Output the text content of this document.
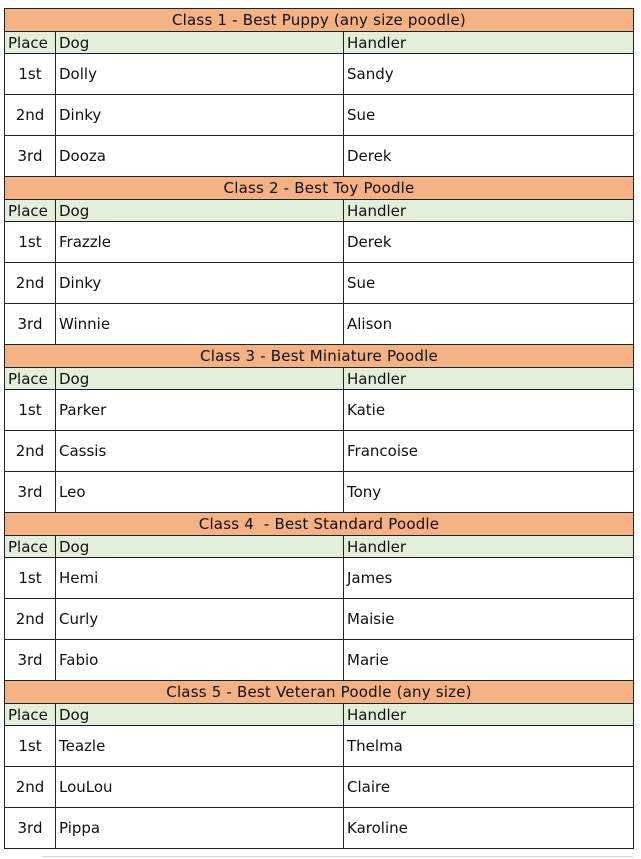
Class 1 - Best Puppy (any size poodle)		
Place	Dog	Handler
1st	Dolly	Sandy
2nd	Dinky	Sue
3rd	Dooza	Derek
Class 2 - Best Toy Poodle		
Place	Dog	Handler
1st	Frazzle	Derek
2nd	Dinky	Sue
3rd	Winnie	Alison
Class 3 - Best Miniature Poodle		
Place	Dog	Handler
1st	Parker	Katie
2nd	Cassis	Francoise
3rd	Leo	Tony
Class 4  - Best Standard Poodle		
Place	Dog	Handler
1st	Hemi	James
2nd	Curly	Maisie
3rd	Fabio	Marie
Class 5 - Best Veteran Poodle (any size)		
Place	Dog	Handler
1st	Teazle	Thelma
2nd	LouLou	Claire
3rd	Pippa	Karoline
